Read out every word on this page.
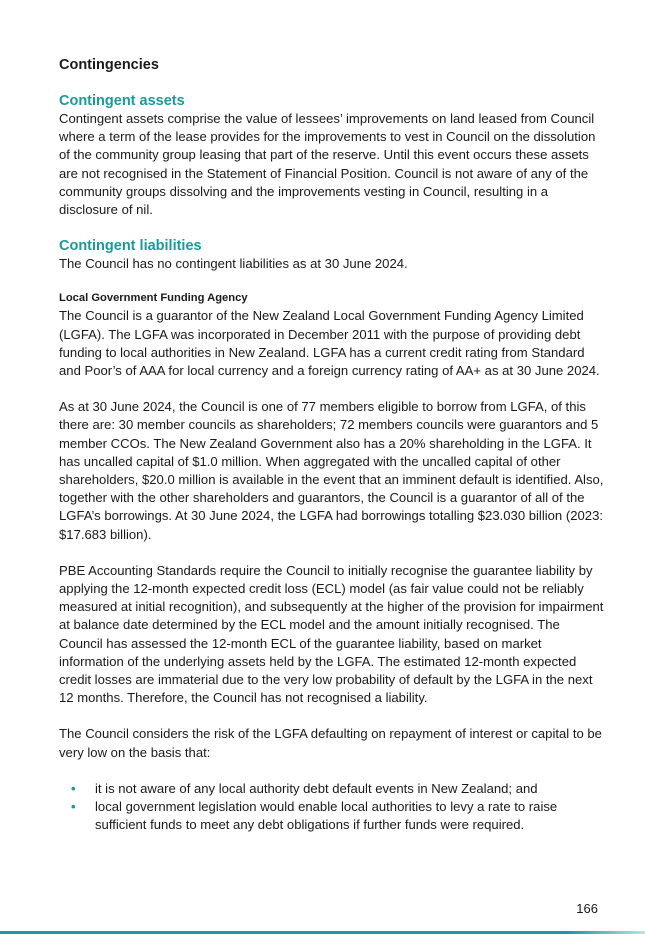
Contingencies
Contingent assets

Contingent assets comprise the value of lessees’ improvements on land leased from Council where a term of the lease provides for the improvements to vest in Council on the dissolution of the community group leasing that part of the reserve. Until this event occurs these assets are not recognised in the Statement of Financial Position. Council is not aware of any of the community groups dissolving and the improvements vesting in Council, resulting in a disclosure of nil.

Contingent liabilities

The Council has no contingent liabilities as at 30 June 2024.

Local Government Funding Agency

The Council is a guarantor of the New Zealand Local Government Funding Agency Limited (LGFA). The LGFA was incorporated in December 2011 with the purpose of providing debt funding to local authorities in New Zealand. LGFA has a current credit rating from Standard and Poor’s of AAA for local currency and a foreign currency rating of AA+ as at 30 June 2024.

As at 30 June 2024, the Council is one of 77 members eligible to borrow from LGFA, of this there are: 30 member councils as shareholders; 72 members councils were guarantors and 5 member CCOs. The New Zealand Government also has a 20% shareholding in the LGFA. It has uncalled capital of $1.0 million. When aggregated with the uncalled capital of other shareholders, $20.0 million is available in the event that an imminent default is identified. Also, together with the other shareholders and guarantors, the Council is a guarantor of all of the LGFA’s borrowings. At 30 June 2024, the LGFA had borrowings totalling $23.030 billion (2023: $17.683 billion).

PBE Accounting Standards require the Council to initially recognise the guarantee liability by applying the 12-month expected credit loss (ECL) model (as fair value could not be reliably measured at initial recognition), and subsequently at the higher of the provision for impairment at balance date determined by the ECL model and the amount initially recognised. The Council has assessed the 12-month ECL of the guarantee liability, based on market information of the underlying assets held by the LGFA. The estimated 12-month expected credit losses are immaterial due to the very low probability of default by the LGFA in the next 12 months. Therefore, the Council has not recognised a liability.

The Council considers the risk of the LGFA defaulting on repayment of interest or capital to be very low on the basis that:

• it is not aware of any local authority debt default events in New Zealand; and
• local government legislation would enable local authorities to levy a rate to raise sufficient funds to meet any debt obligations if further funds were required.
166
